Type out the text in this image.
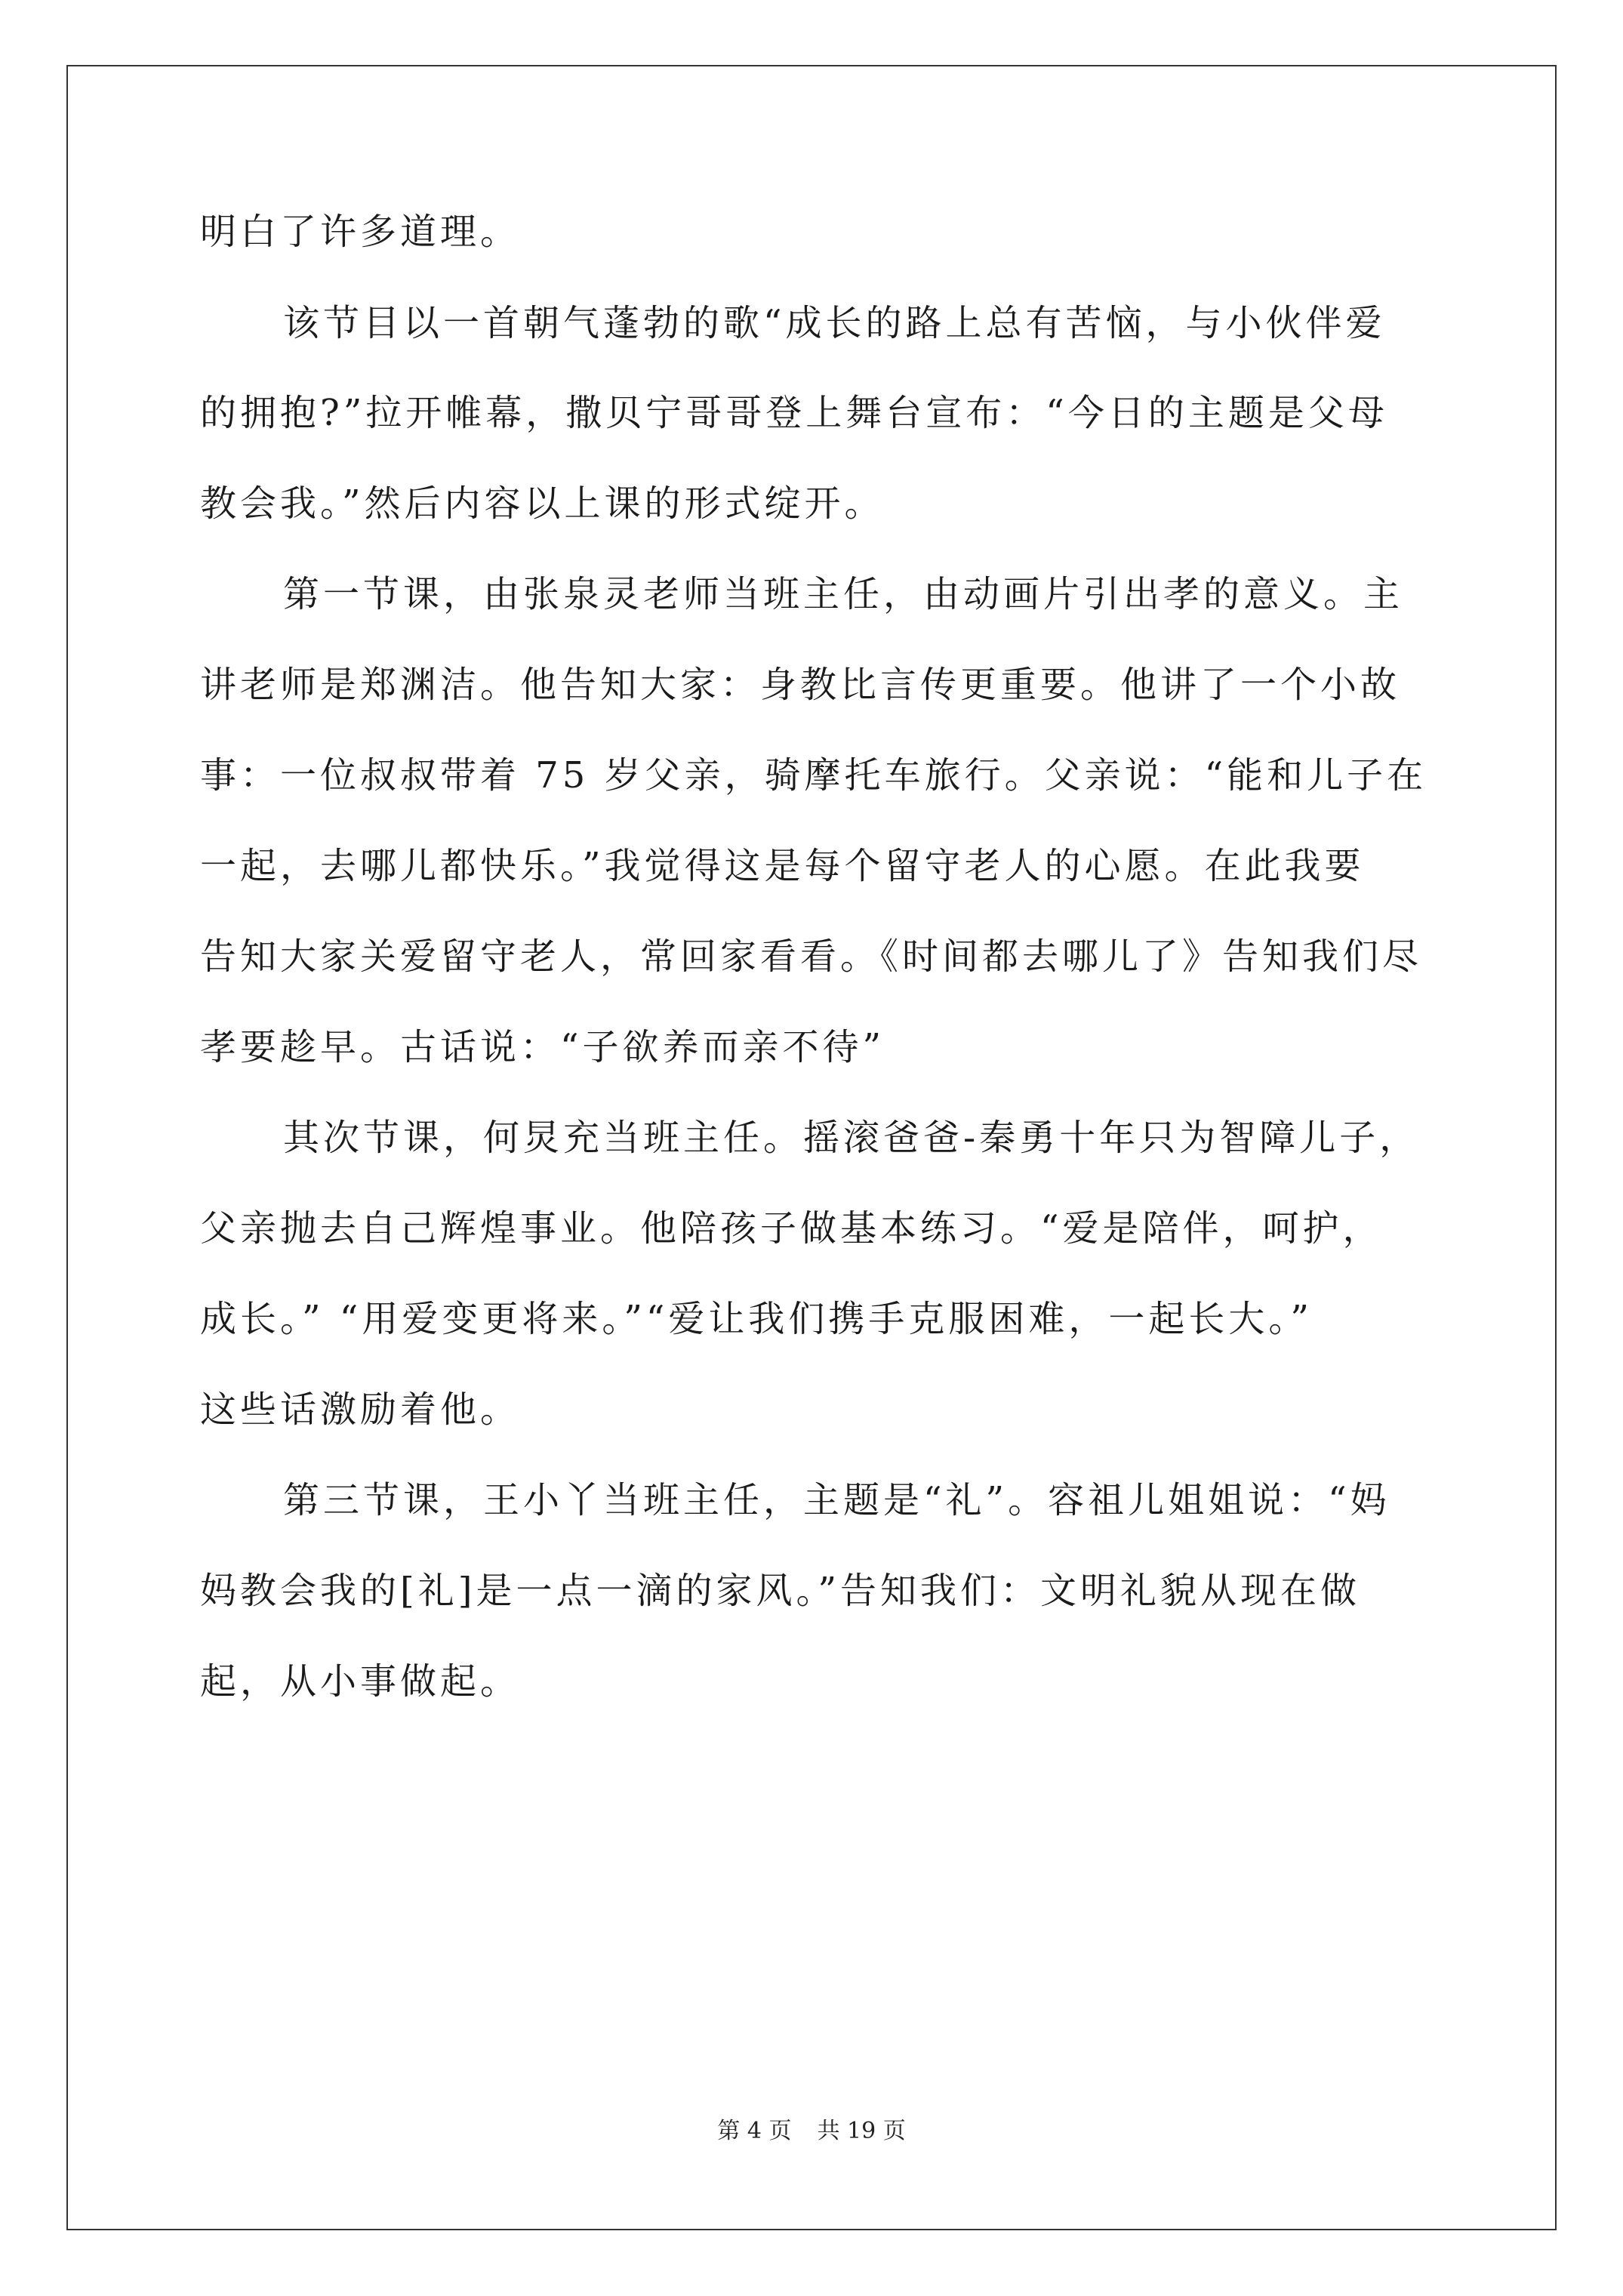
明白了许多道理。
该节目以一首朝气蓬勃的歌“成长的路上总有苦恼，与小伙伴爱
的拥抱?”拉开帷幕，撒贝宁哥哥登上舞台宣布：“今日的主题是父母
教会我。”然后内容以上课的形式绽开。
第一节课，由张泉灵老师当班主任，由动画片引出孝的意义。主
讲老师是郑渊洁。他告知大家：身教比言传更重要。他讲了一个小故
事：一位叔叔带着 75 岁父亲，骑摩托车旅行。父亲说：“能和儿子在
一起，去哪儿都快乐。”我觉得这是每个留守老人的心愿。在此我要
告知大家关爱留守老人，常回家看看。《时间都去哪儿了》告知我们尽
孝要趁早。古话说：“子欲养而亲不待”
其次节课，何炅充当班主任。摇滚爸爸-秦勇十年只为智障儿子，
父亲抛去自己辉煌事业。他陪孩子做基本练习。“爱是陪伴，呵护，
成长。” “用爱变更将来。”“爱让我们携手克服困难，一起长大。”
这些话激励着他。
第三节课，王小丫当班主任，主题是“礼”。容祖儿姐姐说：“妈
妈教会我的[礼]是一点一滴的家风。”告知我们：文明礼貌从现在做
起，从小事做起。
第 4 页 共 19 页
